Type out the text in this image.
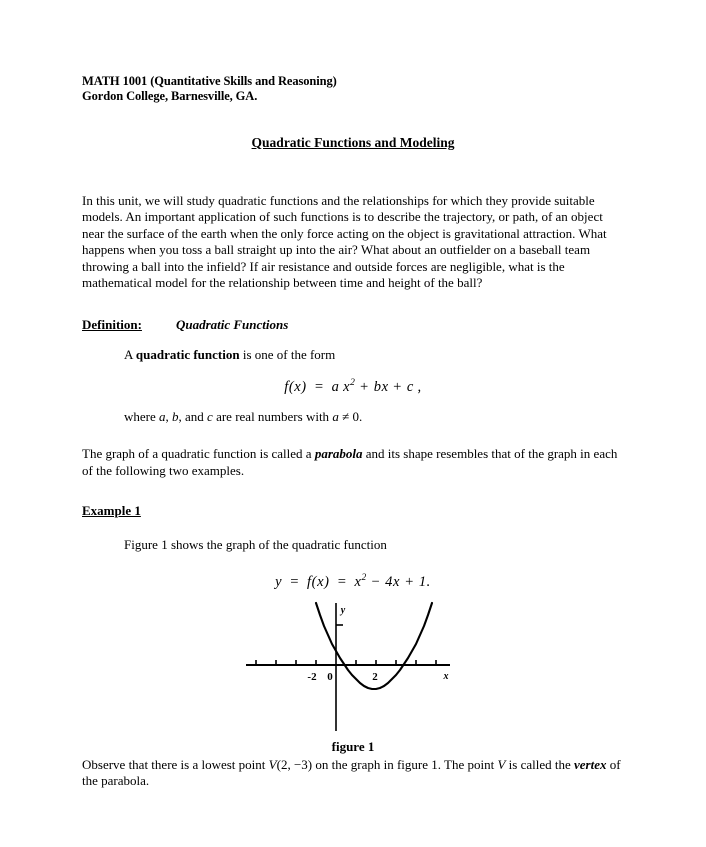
MATH 1001 (Quantitative Skills and Reasoning)
Gordon College, Barnesville, GA.
Quadratic Functions and Modeling
In this unit, we will study quadratic functions and the relationships for which they provide suitable models. An important application of such functions is to describe the trajectory, or path, of an object near the surface of the earth when the only force acting on the object is gravitational attraction. What happens when you toss a ball straight up into the air? What about an outfielder on a baseball team throwing a ball into the infield? If air resistance and outside forces are negligible, what is the mathematical model for the relationship between time and height of the ball?
Definition:	Quadratic Functions
A quadratic function is one of the form
f(x) = a $x^2$ + bx + c ,
where a, b, and c are real numbers with a ≠ 0.
The graph of a quadratic function is called a parabola and its shape resembles that of the graph in each of the following two examples.
Example 1
Figure 1 shows the graph of the quadratic function
$y = f(x) = x^2 - 4x + 1$.
-2 0	2	x
y
figure 1
Observe that there is a lowest point V(2, −3) on the graph in figure 1. The point V is called the vertex of the parabola.
